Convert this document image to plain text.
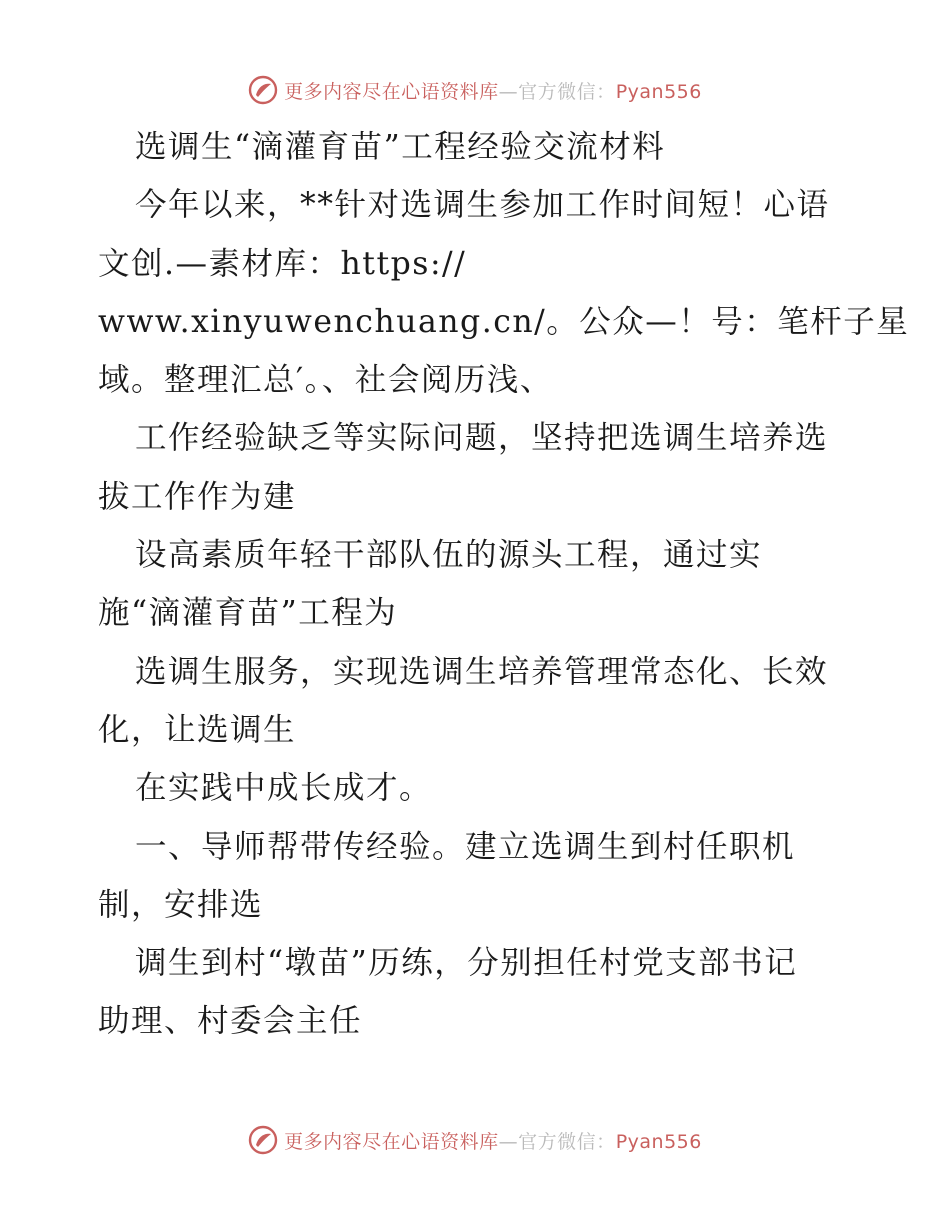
更多内容尽在心语资料库—官方微信：Pyan556
选调生“滴灌育苗”工程经验交流材料
今年以来，**针对选调生参加工作时间短！心语
文创.—素材库：https://
www.xinyuwenchuang.cn/。公众—！号：笔杆子星
域。整理汇总′。、社会阅历浅、
工作经验缺乏等实际问题，坚持把选调生培养选
拔工作作为建
设高素质年轻干部队伍的源头工程，通过实
施“滴灌育苗”工程为
选调生服务，实现选调生培养管理常态化、长效
化，让选调生
在实践中成长成才。
一、导师帮带传经验。建立选调生到村任职机
制，安排选
调生到村“墩苗”历练，分别担任村党支部书记
助理、村委会主任
更多内容尽在心语资料库—官方微信：Pyan556
